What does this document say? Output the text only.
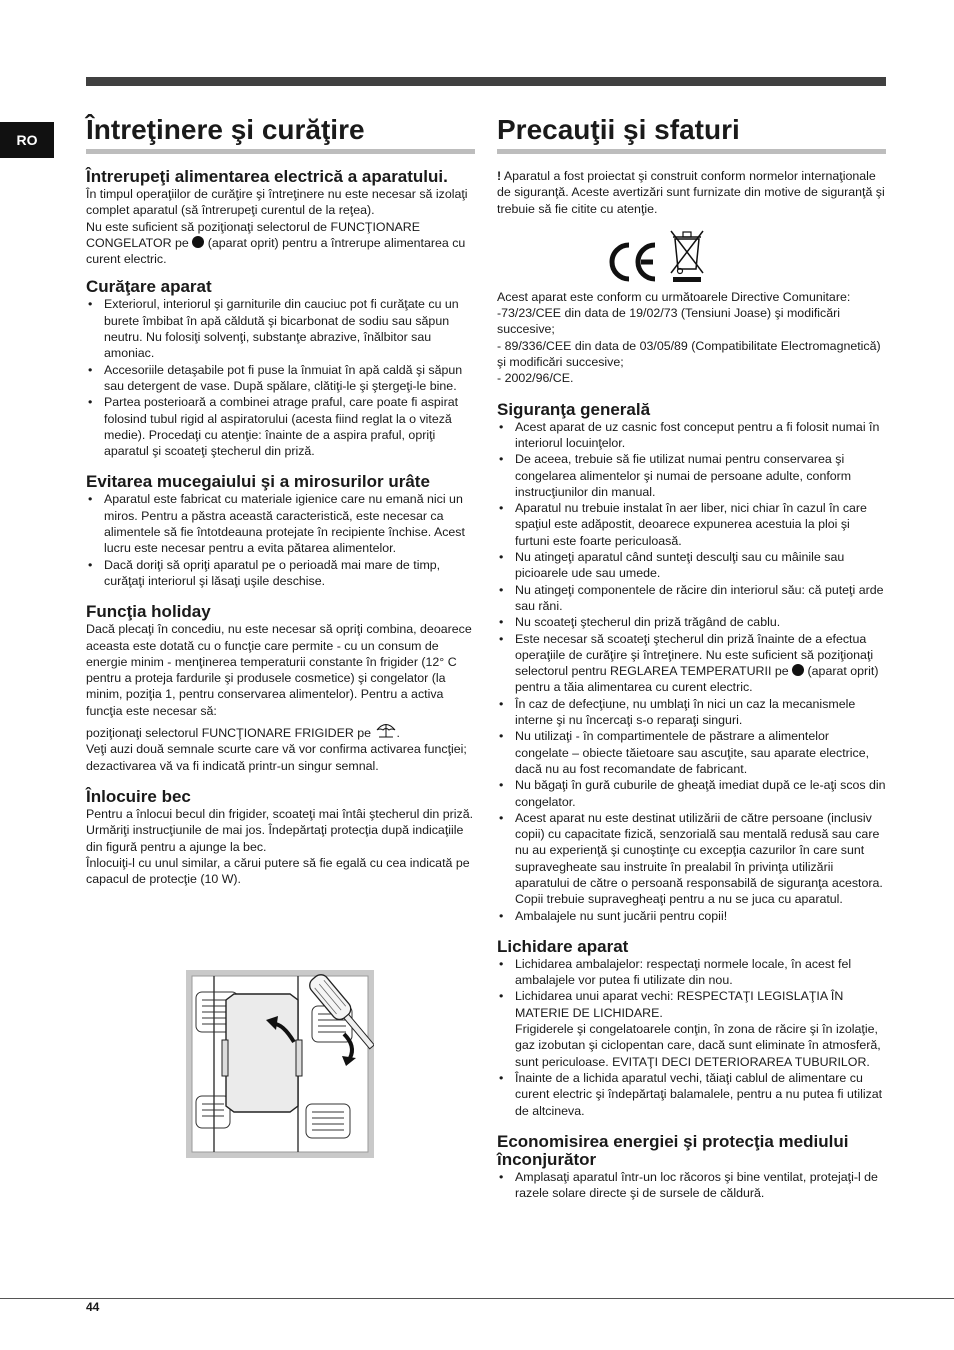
RO	Întreţinere şi curăţire
Întrerupeţi alimentarea electrică a aparatului.

În timpul operaţiilor de curăţire şi întreţinere nu este necesar să izolaţi complet aparatul (să întrerupeţi curentul de la reţea).

Nu este suficient să poziţionaţi selectorul de FUNCŢIONARE CONGELATOR pe (aparat oprit) pentru a întrerupe alimentarea cu curent electric.

Curăţare aparat
• Exteriorul, interiorul şi garniturile din cauciuc pot fi curăţate cu un burete îmbibat în apă căldută şi bicarbonat de sodiu sau săpun neutru. Nu folosiţi solvenţi, substanţe abrazive, înălbitor sau amoniac.
• Accesoriile detaşabile pot fi puse la înmuiat în apă caldă şi săpun sau detergent de vase. După spălare, clătiţi-le şi ştergeţi-le bine.
• Partea posterioară a combinei atrage praful, care poate fi aspirat folosind tubul rigid al aspiratorului (acesta fiind reglat la o viteză medie). Procedaţi cu atenţie: înainte de a aspira praful, opriţi aparatul şi scoateţi ştecherul din priză.
Evitarea mucegaiului şi a mirosurilor urâte
• Aparatul este fabricat cu materiale igienice care nu emană nici un miros. Pentru a păstra această caracteristică, este necesar ca alimentele să fie întotdeauna protejate în recipiente închise. Acest lucru este necesar pentru a evita pătarea alimentelor.
• Dacă doriţi să opriţi aparatul pe o perioadă mai mare de timp, curăţaţi interiorul şi lăsaţi uşile deschise.
Funcţia holiday

Dacă plecaţi în concediu, nu este necesar să opriţi combina, deoarece aceasta este dotată cu o funcţie care permite - cu un consum de energie minim - menţinerea temperaturii constante în frigider (12° C pentru a proteja fardurile şi produsele cosmetice) şi congelator (la minim, poziţia 1, pentru conservarea alimentelor). Pentru a activa funcţia este necesar să:

poziţionaţi selectorul FUNCŢIONARE FRIGIDER pe .

Veţi auzi două semnale scurte care vă vor confirma activarea funcţiei; dezactivarea vă va fi indicată printr-un singur semnal.

Înlocuire bec

Pentru a înlocui becul din frigider, scoateţi mai întâi ştecherul din priză. Urmăriţi instrucţiunile de mai jos. Îndepărtaţi protecţia după indicaţiile din figură pentru a ajunge la bec.

Înlocuiţi-l cu unul similar, a cărui putere să fie egală cu cea indicată pe capacul de protecţie (10 W).

Precauţii şi sfaturi

! Aparatul a fost proiectat şi construit conform normelor internaţionale de siguranţă. Aceste avertizări sunt furnizate din motive de siguranţă şi trebuie să fie citite cu atenţie.

Acest aparat este conform cu următoarele Directive Comunitare:

-73/23/CEE din data de 19/02/73 (Tensiuni Joase) şi modificări succesive;

- 89/336/CEE din data de 03/05/89 (Compatibilitate Electromagnetică) şi modificări succesive;

- 2002/96/CE.

Siguranţa generală
• Acest aparat de uz casnic fost conceput pentru a fi folosit numai în interiorul locuinţelor.
• De aceea, trebuie să fie utilizat numai pentru conservarea şi congelarea alimentelor şi numai de persoane adulte, conform instrucţiunilor din manual.
• Aparatul nu trebuie instalat în aer liber, nici chiar în cazul în care spaţiul este adăpostit, deoarece expunerea acestuia la ploi şi furtuni este foarte periculoasă.
• Nu atingeţi aparatul când sunteţi desculţi sau cu mâinile sau picioarele ude sau umede.
• Nu atingeţi componentele de răcire din interiorul său: că puteţi arde sau răni.
• Nu scoateţi ştecherul din priză trăgând de cablu.
• Este necesar să scoateţi ştecherul din priză înainte de a efectua operaţiile de curăţire şi întreţinere. Nu este suficient să poziţionaţi selectorul pentru REGLAREA TEMPERATURII pe (aparat oprit) pentru a tăia alimentarea cu curent electric.
• În caz de defecţiune, nu umblaţi în nici un caz la mecanismele interne şi nu încercaţi s-o reparaţi singuri.
• Nu utilizaţi - în compartimentele de păstrare a alimentelor congelate – obiecte tăietoare sau ascuţite, sau aparate electrice, dacă nu au fost recomandate de fabricant.
• Nu băgaţi în gură cuburile de gheaţă imediat după ce le-aţi scos din congelator.
• Acest aparat nu este destinat utilizării de către persoane (inclusiv copii) cu capacitate fizică, senzorială sau mentală redusă sau care nu au experienţă şi cunoştinţe cu excepţia cazurilor în care sunt supravegheate sau instruite în prealabil în privinţa utilizării aparatului de către o persoană responsabilă de siguranţa acestora. Copii trebuie supravegheaţi pentru a nu se juca cu aparatul.
• Ambalajele nu sunt jucării pentru copii!
Lichidare aparat
• Lichidarea ambalajelor: respectaţi normele locale, în acest fel ambalajele vor putea fi utilizate din nou.
• Lichidarea unui aparat vechi: RESPECTAŢI LEGISLAŢIA ÎN MATERIE DE LICHIDARE.
Frigiderele şi congelatoarele conţin, în zona de răcire şi în izolaţie, gaz izobutan şi ciclopentan care, dacă sunt eliminate în atmosferă, sunt periculoase. EVITAŢI DECI DETERIORAREA TUBURILOR.
• Înainte de a lichida aparatul vechi, tăiaţi cablul de alimentare cu curent electric şi îndepărtaţi balamalele, pentru a nu putea fi utilizat de altcineva.
Economisirea energiei şi protecţia mediului înconjurător
• Amplasaţi aparatul într-un loc răcoros şi bine ventilat, protejaţi-l de razele solare directe şi de sursele de căldură.
44
